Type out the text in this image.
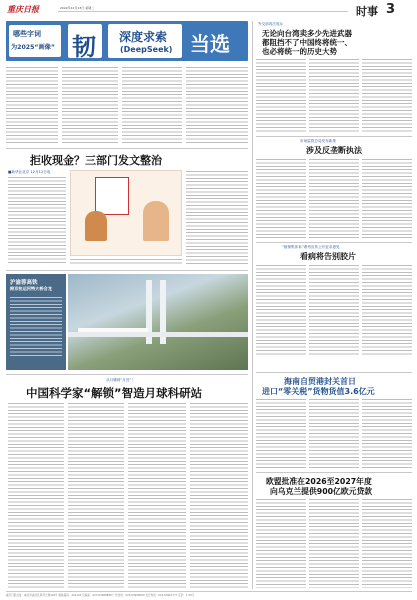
重庆日报	2022年12月13日 星期二	时事 3
哪些字词
为2025“画像” 韧 深度求索
(DeepSeek) 当选
拒收现金？三部门发文整治
■新华社北京 12月12日电
沪渝蓉高铁
跨京杭运河特大桥合龙
从月壤到“月宫”！
中国科学家“解锁”智造月球科研站
外交部再次驳斥
无论向台湾卖多少先进武器
都阻挡不了中国终将统一、
也必将统一的历史大势
市场监管总局发布新规
涉及反垄断执法
“版保集体诉”系列宣传公开征求意见
看病将告别胶片
海南自贸港封关首日
进口“零关税”货物货值3.6亿元
欧盟批准在2026至2027年度
向乌克兰提供900亿欧元贷款
重庆日报社址：重庆市渝北区同茂大道416号 邮政编码：401120 总编室：023-63908888 广告热线：023-63908000 发行热线：023-63907777 定价：1.50元
